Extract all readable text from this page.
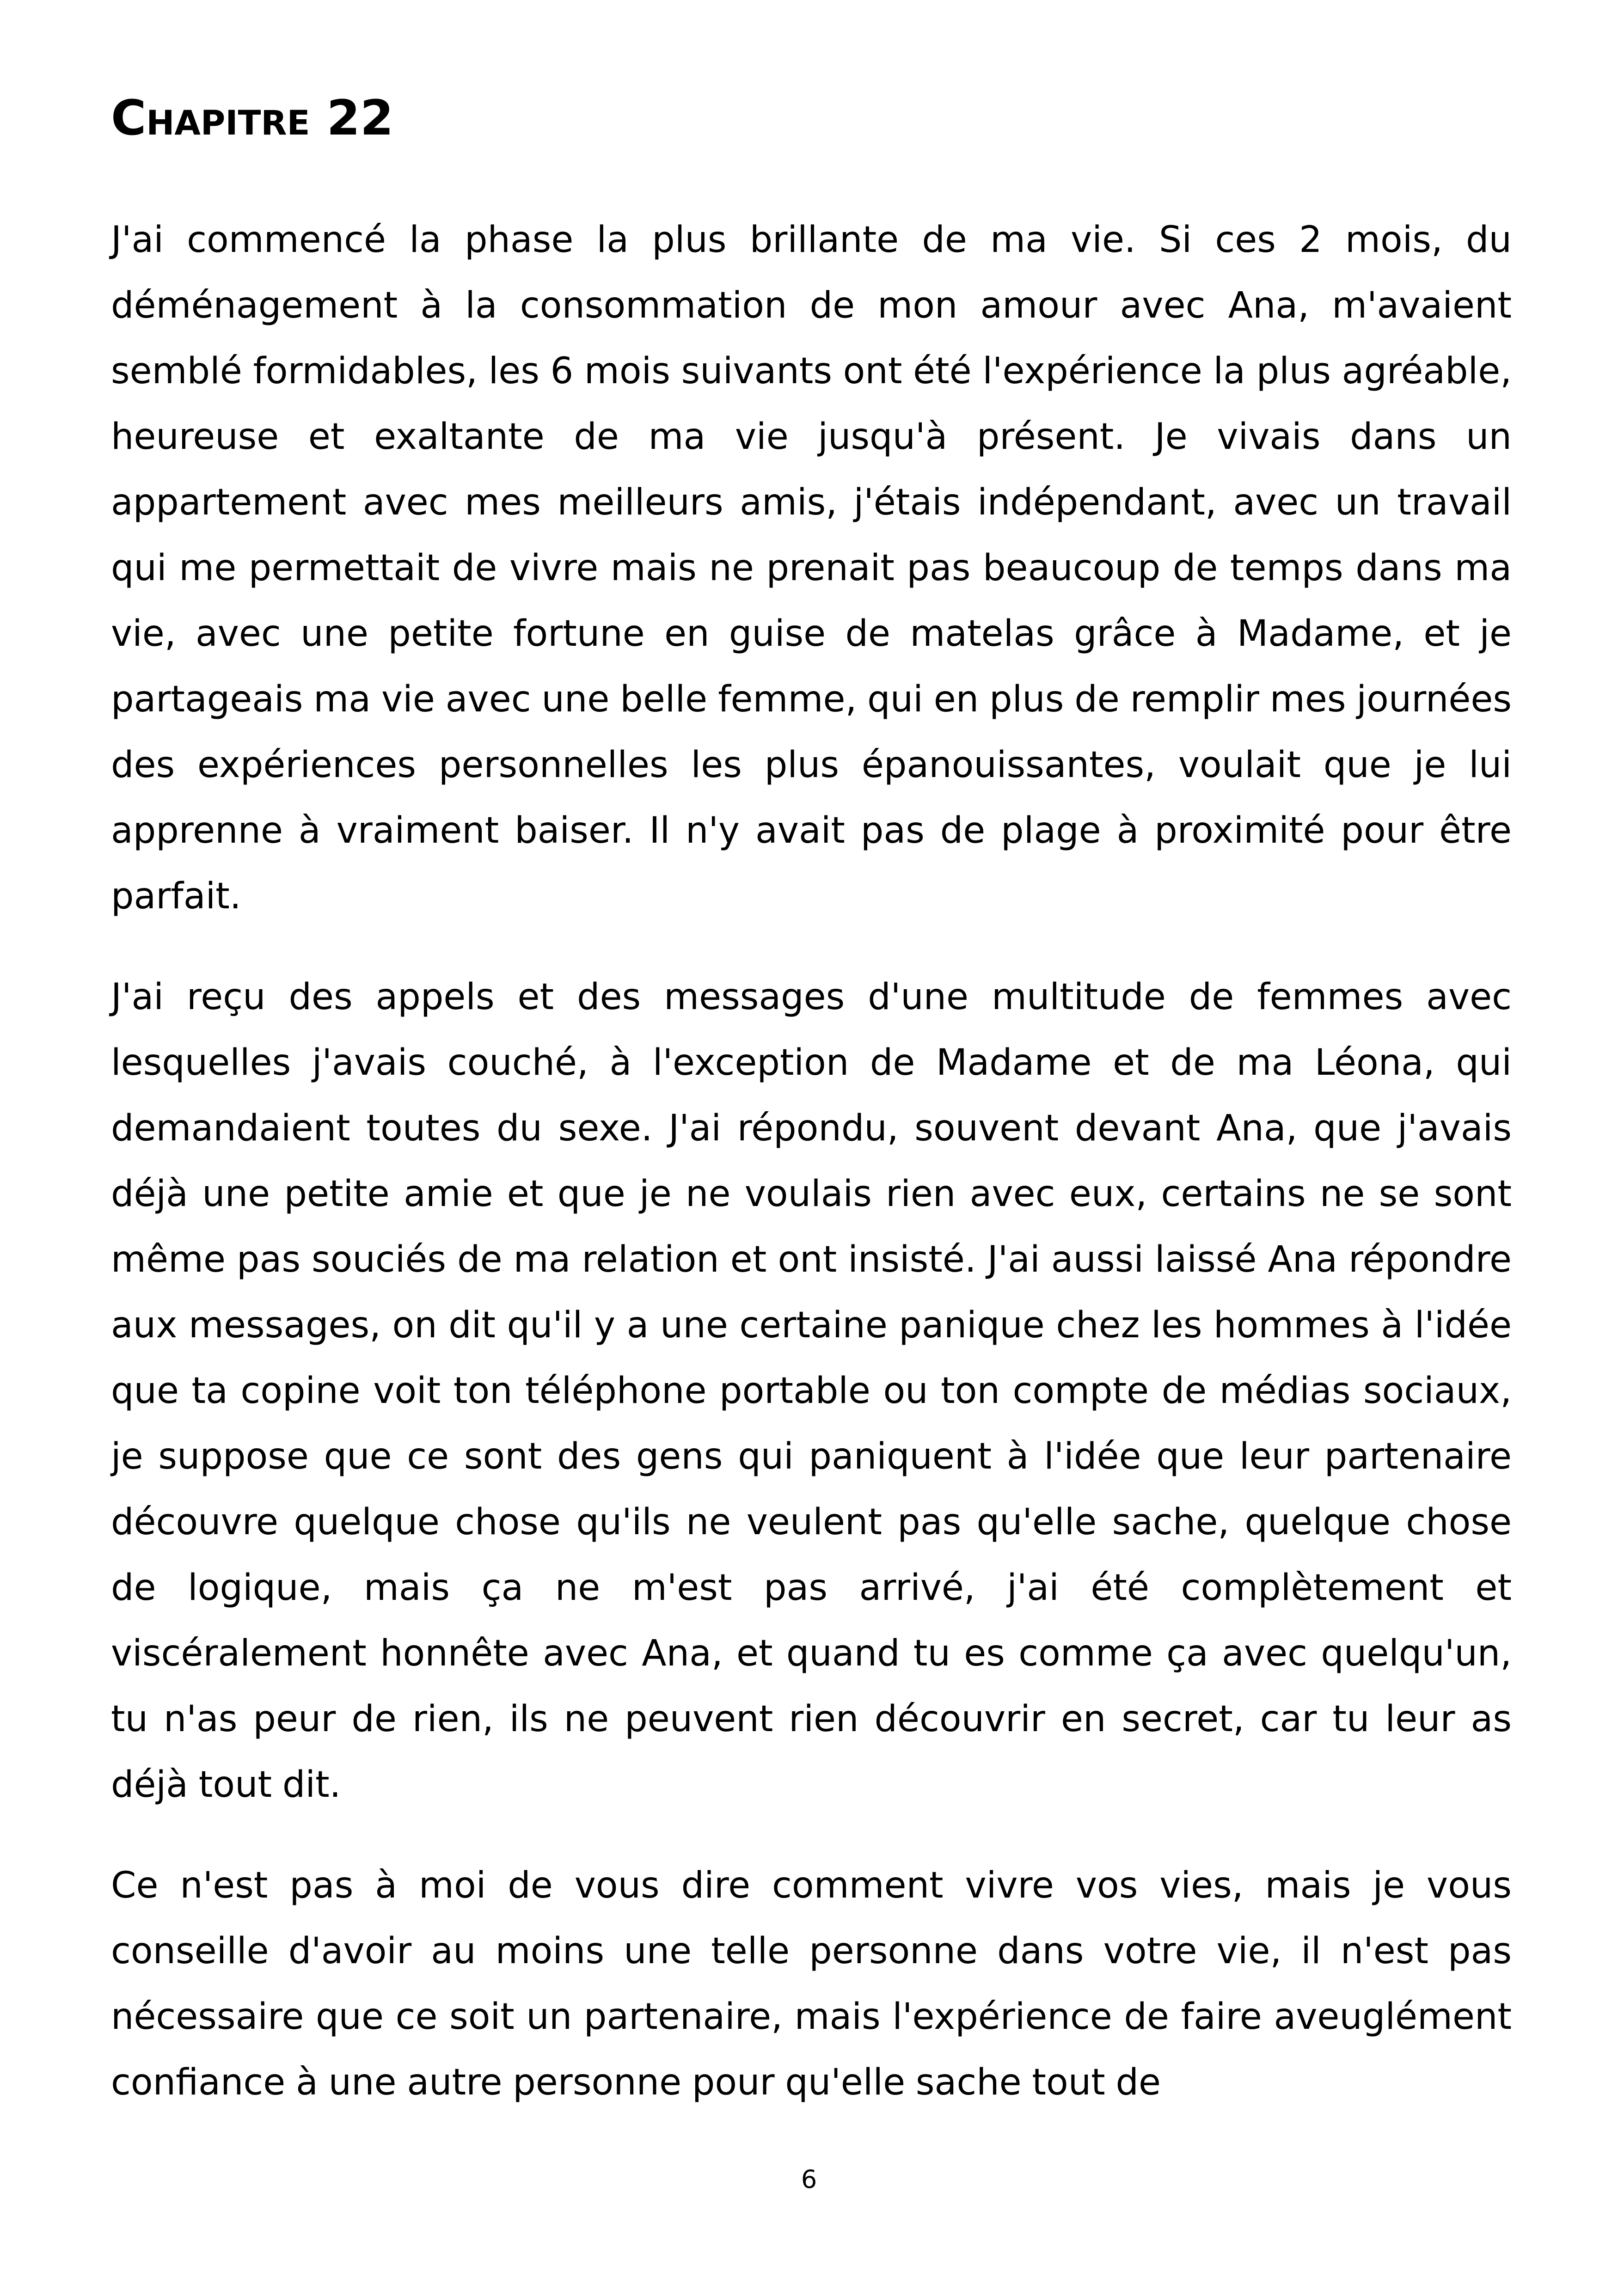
Chapitre 22

J'ai commencé la phase la plus brillante de ma vie. Si ces 2 mois, du déménagement à la consommation de mon amour avec Ana, m'avaient semblé formidables, les 6 mois suivants ont été l'expérience la plus agréable, heureuse et exaltante de ma vie jusqu'à présent. Je vivais dans un appartement avec mes meilleurs amis, j'étais indépendant, avec un travail qui me permettait de vivre mais ne prenait pas beaucoup de temps dans ma vie, avec une petite fortune en guise de matelas grâce à Madame, et je partageais ma vie avec une belle femme, qui en plus de remplir mes journées des expériences personnelles les plus épanouissantes, voulait que je lui apprenne à vraiment baiser. Il n'y avait pas de plage à proximité pour être parfait.

J'ai reçu des appels et des messages d'une multitude de femmes avec lesquelles j'avais couché, à l'exception de Madame et de ma Léona, qui demandaient toutes du sexe. J'ai répondu, souvent devant Ana, que j'avais déjà une petite amie et que je ne voulais rien avec eux, certains ne se sont même pas souciés de ma relation et ont insisté. J'ai aussi laissé Ana répondre aux messages, on dit qu'il y a une certaine panique chez les hommes à l'idée que ta copine voit ton téléphone portable ou ton compte de médias sociaux, je suppose que ce sont des gens qui paniquent à l'idée que leur partenaire découvre quelque chose qu'ils ne veulent pas qu'elle sache, quelque chose de logique, mais ça ne m'est pas arrivé, j'ai été complètement et viscéralement honnête avec Ana, et quand tu es comme ça avec quelqu'un, tu n'as peur de rien, ils ne peuvent rien découvrir en secret, car tu leur as déjà tout dit.

Ce n'est pas à moi de vous dire comment vivre vos vies, mais je vous conseille d'avoir au moins une telle personne dans votre vie, il n'est pas nécessaire que ce soit un partenaire, mais l'expérience de faire aveuglément confiance à une autre personne pour qu'elle sache tout de

6
